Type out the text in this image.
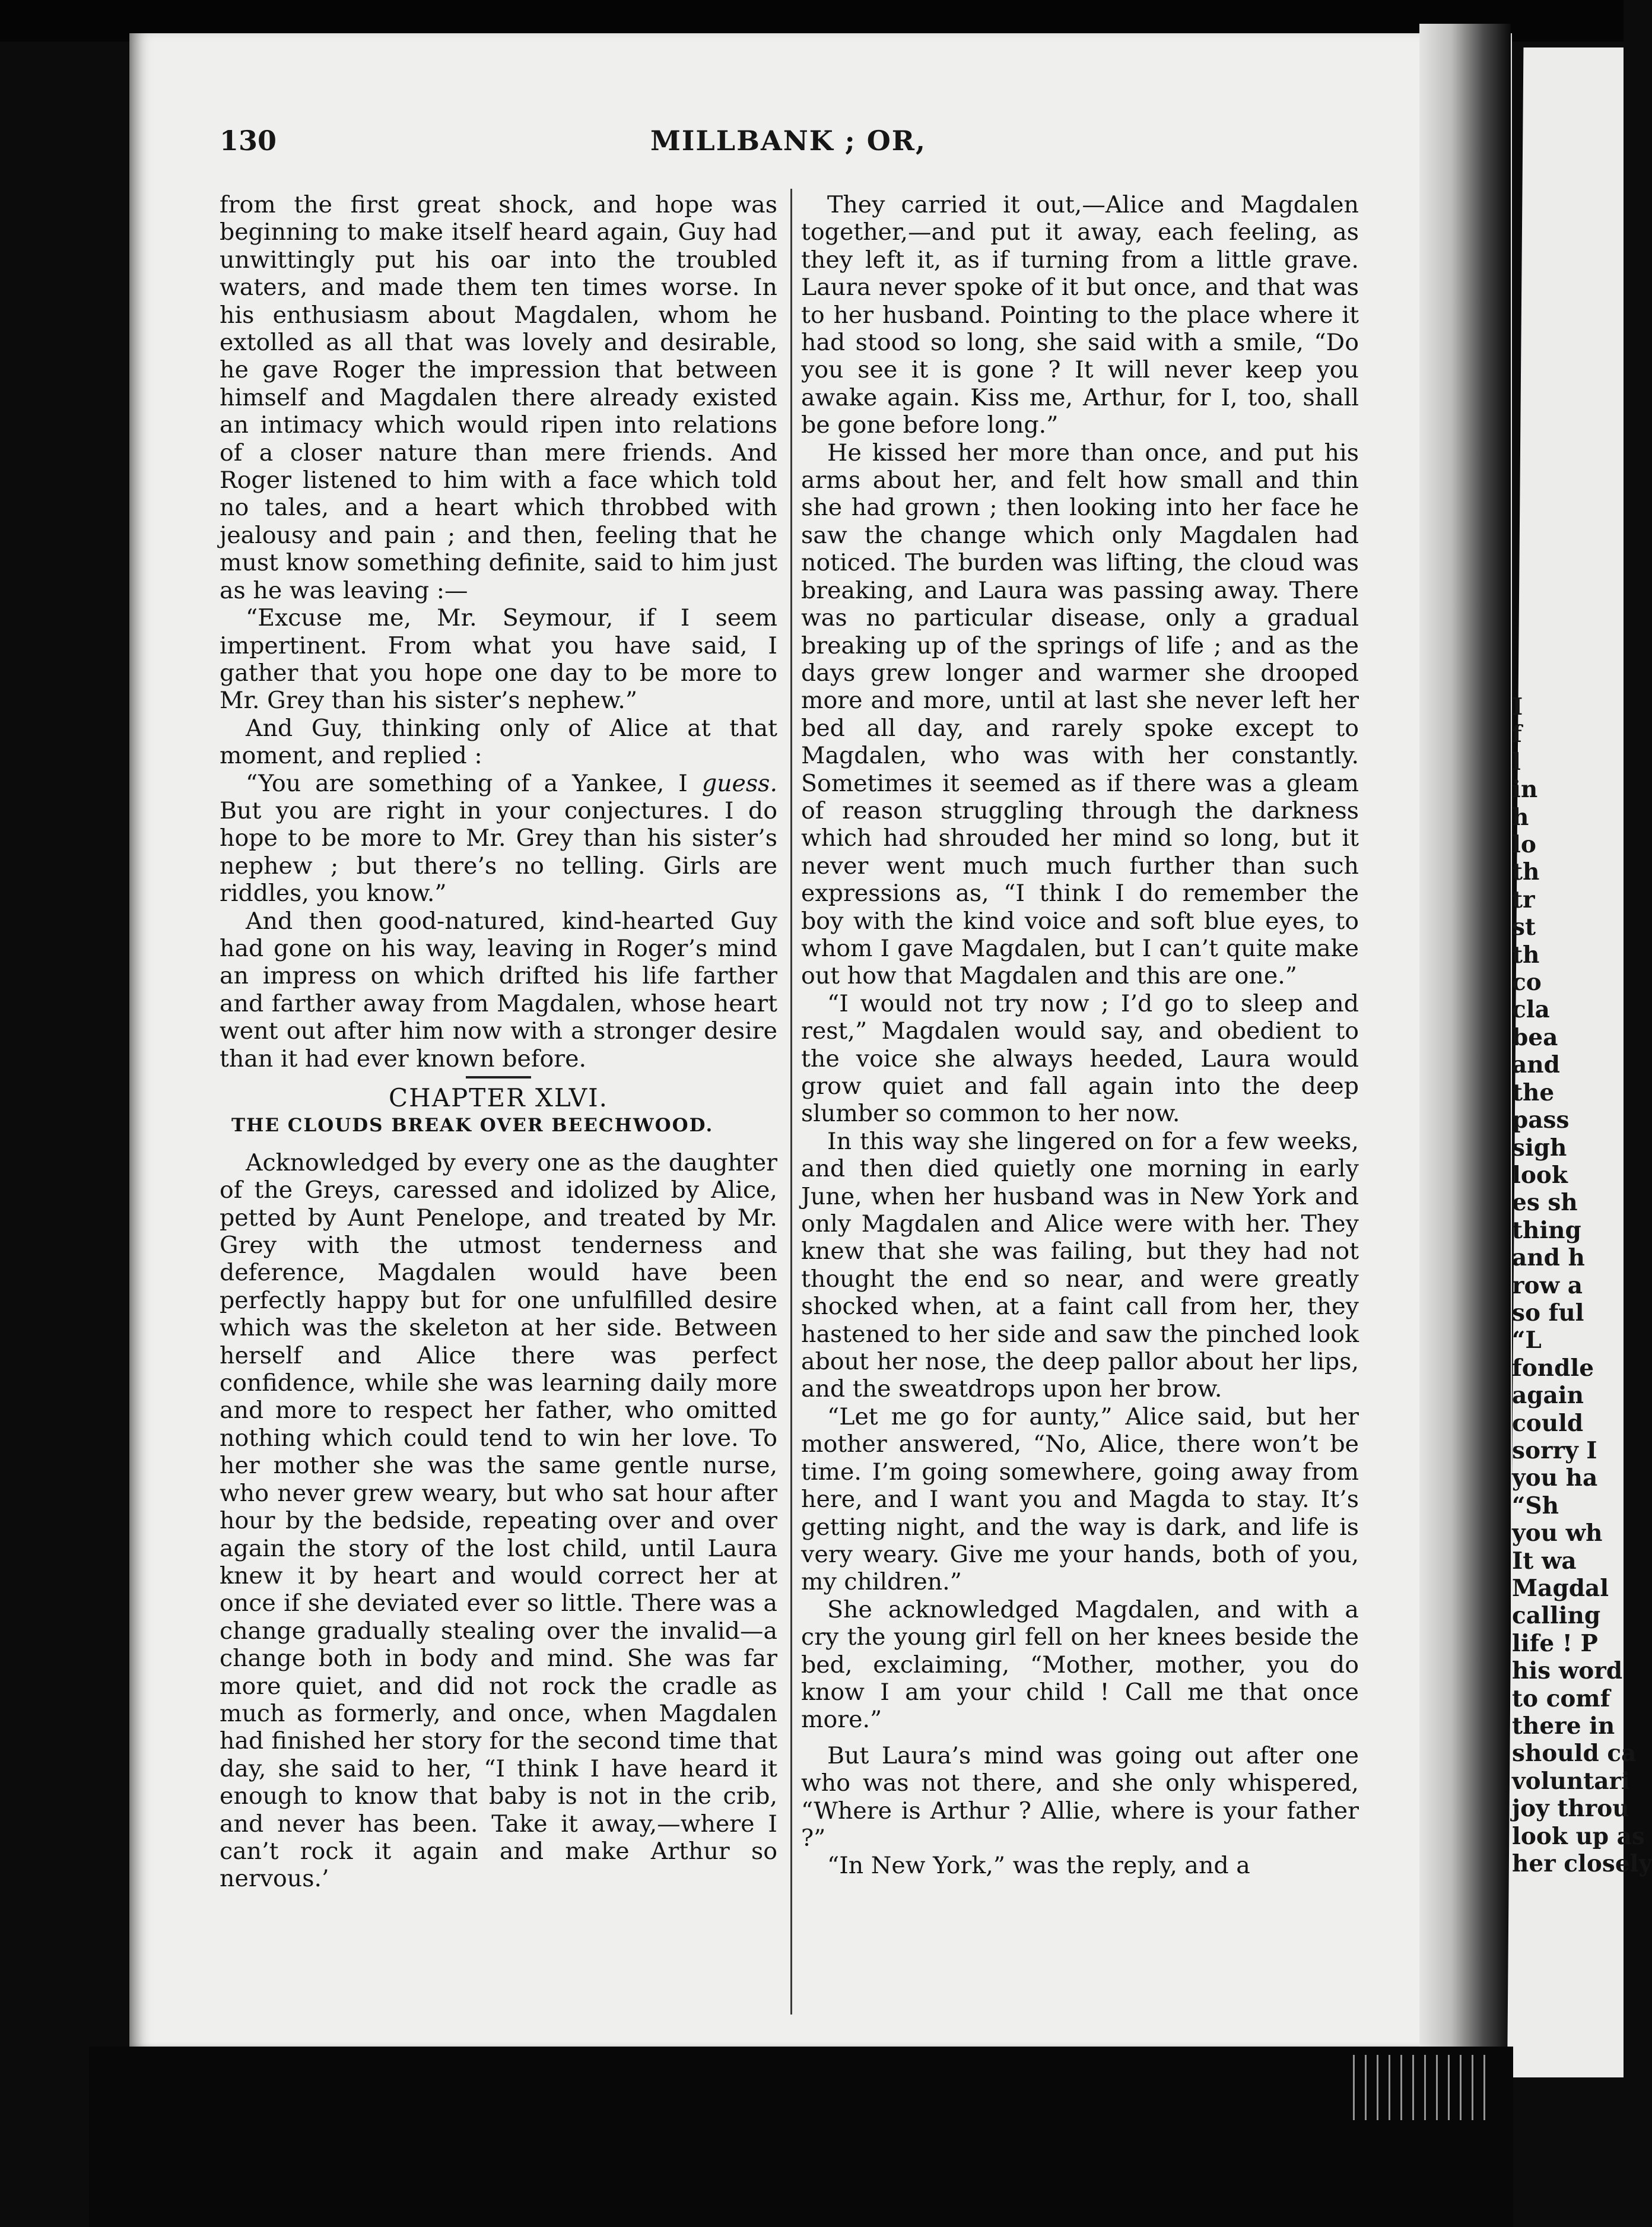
130	MILLBANK ; OR,

from the first great shock, and hope was beginning to make itself heard again, Guy had unwittingly put his oar into the troubled waters, and made them ten times worse. In his enthusiasm about Magdalen, whom he extolled as all that was lovely and desirable, he gave Roger the impression that between himself and Magdalen there already existed an intimacy which would ripen into relations of a closer nature than mere friends. And Roger listened to him with a face which told no tales, and a heart which throbbed with jealousy and pain ; and then, feeling that he must know something definite, said to him just as he was leaving :—

“Excuse me, Mr. Seymour, if I seem impertinent. From what you have said, I gather that you hope one day to be more to Mr. Grey than his sister’s nephew.”

And Guy, thinking only of Alice at that moment, and replied :

“You are something of a Yankee, I guess. But you are right in your conjectures. I do hope to be more to Mr. Grey than his sister’s nephew ; but there’s no telling. Girls are riddles, you know.”

And then good-natured, kind-hearted Guy had gone on his way, leaving in Roger’s mind an impress on which drifted his life farther and farther away from Magdalen, whose heart went out after him now with a stronger desire than it had ever known before.

CHAPTER XLVI.

THE CLOUDS BREAK OVER BEECHWOOD.

Acknowledged by every one as the daughter of the Greys, caressed and idolized by Alice, petted by Aunt Penelope, and treated by Mr. Grey with the utmost tenderness and deference, Magdalen would have been perfectly happy but for one unfulfilled desire which was the skeleton at her side. Between herself and Alice there was perfect confidence, while she was learning daily more and more to respect her father, who omitted nothing which could tend to win her love. To her mother she was the same gentle nurse, who never grew weary, but who sat hour after hour by the bedside, repeating over and over again the story of the lost child, until Laura knew it by heart and would correct her at once if she deviated ever so little. There was a change gradually stealing over the invalid—a change both in body and mind. She was far more quiet, and did not rock the cradle as much as formerly, and once, when Magdalen had finished her story for the second time that day, she said to her, “I think I have heard it enough to know that baby is not in the crib, and never has been. Take it away,—where I can’t rock it again and make Arthur so nervous.’

They carried it out,—Alice and Magdalen together,—and put it away, each feeling, as they left it, as if turning from a little grave. Laura never spoke of it but once, and that was to her husband. Pointing to the place where it had stood so long, she said with a smile, “Do you see it is gone ? It will never keep you awake again. Kiss me, Arthur, for I, too, shall be gone before long.”

He kissed her more than once, and put his arms about her, and felt how small and thin she had grown ; then looking into her face he saw the change which only Magdalen had noticed. The burden was lifting, the cloud was breaking, and Laura was passing away. There was no particular disease, only a gradual breaking up of the springs of life ; and as the days grew longer and warmer she drooped more and more, until at last she never left her bed all day, and rarely spoke except to Magdalen, who was with her constantly. Sometimes it seemed as if there was a gleam of reason struggling through the darkness which had shrouded her mind so long, but it never went much much further than such expressions as, “I think I do remember the boy with the kind voice and soft blue eyes, to whom I gave Magdalen, but I can’t quite make out how that Magdalen and this are one.”

“I would not try now ; I’d go to sleep and rest,” Magdalen would say, and obedient to the voice she always heeded, Laura would grow quiet and fall again into the deep slumber so common to her now.

In this way she lingered on for a few weeks, and then died quietly one morning in early June, when her husband was in New York and only Magdalen and Alice were with her. They knew that she was failing, but they had not thought the end so near, and were greatly shocked when, at a faint call from her, they hastened to her side and saw the pinched look about her nose, the deep pallor about her lips, and the sweatdrops upon her brow.

“Let me go for aunty,” Alice said, but her mother answered, “No, Alice, there won’t be time. I’m going somewhere, going away from here, and I want you and Magda to stay. It’s getting night, and the way is dark, and life is very weary. Give me your hands, both of you, my children.”

She acknowledged Magdalen, and with a cry the young girl fell on her knees beside the bed, exclaiming, “Mother, mother, you do know I am your child ! Call me that once more.”

But Laura’s mind was going out after one who was not there, and she only whispered, “Where is Arthur ? Allie, where is your father ?”

“In New York,” was the reply, and a

I
f
l
in
h
lo
th
tr
st
th
co
cla
bea
and
the
pass
sigh
look
es sh
thing
and h
row a
so ful
“L
fondle
again
could
sorry I
you ha
“Sh
you wh
It wa
Magdal
calling
life ! P
his word
to comf
there in
should ca
voluntari
joy throu
look up as
her closely
